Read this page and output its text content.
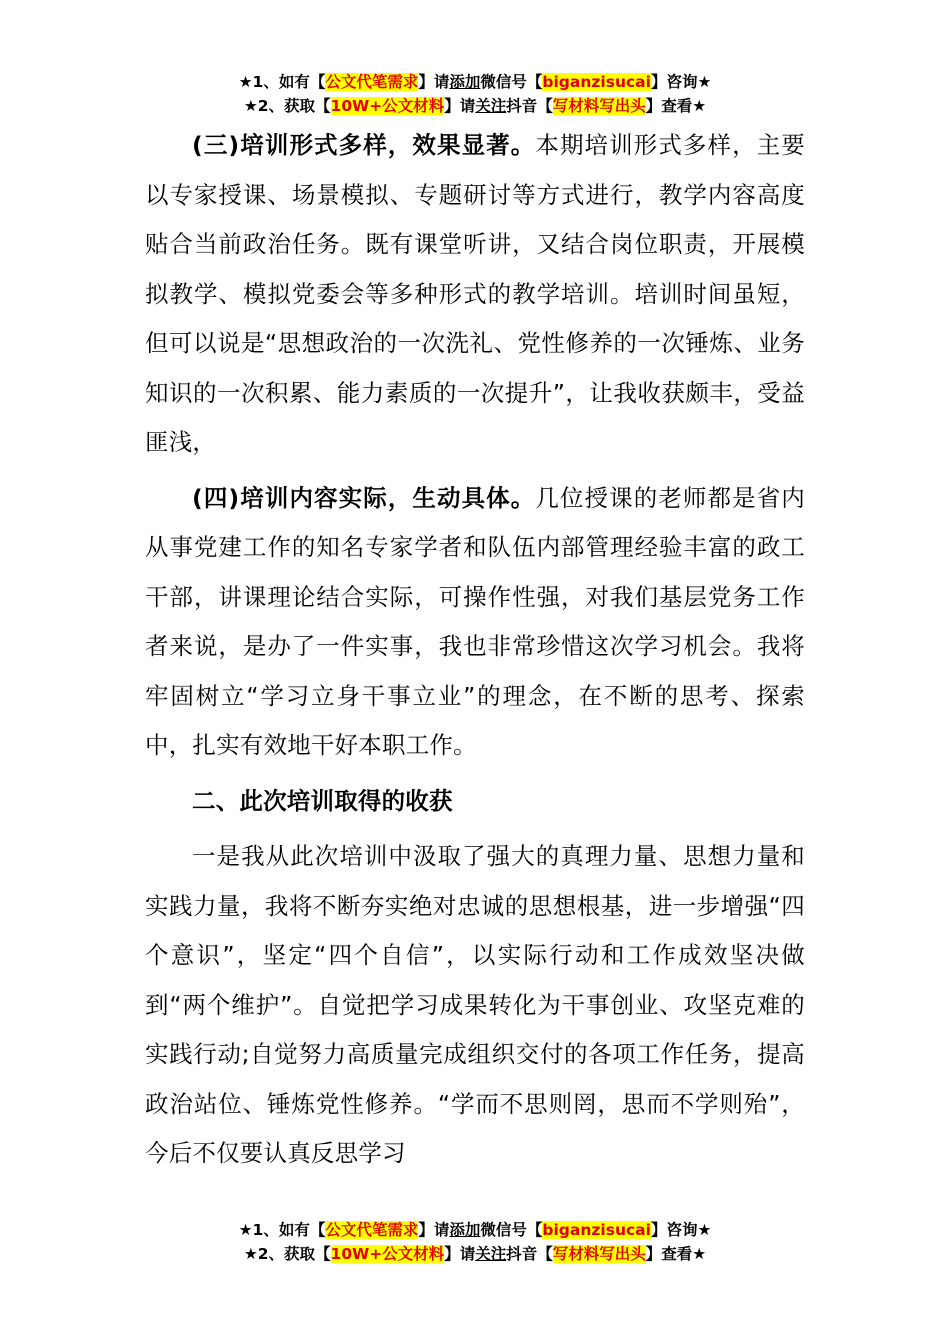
★1、如有【公文代笔需求】请添加微信号【biganzisucai】咨询★
★2、获取【10W+公文材料】请关注抖音【写材料写出头】查看★

(三)培训形式多样，效果显著。本期培训形式多样，主要以专家授课、场景模拟、专题研讨等方式进行，教学内容高度贴合当前政治任务。既有课堂听讲，又结合岗位职责，开展模拟教学、模拟党委会等多种形式的教学培训。培训时间虽短，但可以说是“思想政治的一次洗礼、党性修养的一次锤炼、业务知识的一次积累、能力素质的一次提升”，让我收获颇丰，受益匪浅，

(四)培训内容实际，生动具体。几位授课的老师都是省内从事党建工作的知名专家学者和队伍内部管理经验丰富的政工干部，讲课理论结合实际，可操作性强，对我们基层党务工作者来说，是办了一件实事，我也非常珍惜这次学习机会。我将牢固树立“学习立身干事立业”的理念，在不断的思考、探索中，扎实有效地干好本职工作。

二、此次培训取得的收获

一是我从此次培训中汲取了强大的真理力量、思想力量和实践力量，我将不断夯实绝对忠诚的思想根基，进一步增强“四个意识”，坚定“四个自信”，以实际行动和工作成效坚决做到“两个维护”。自觉把学习成果转化为干事创业、攻坚克难的实践行动;自觉努力高质量完成组织交付的各项工作任务，提高政治站位、锤炼党性修养。“学而不思则罔，思而不学则殆”，今后不仅要认真反思学习

★1、如有【公文代笔需求】请添加微信号【biganzisucai】咨询★
★2、获取【10W+公文材料】请关注抖音【写材料写出头】查看★
